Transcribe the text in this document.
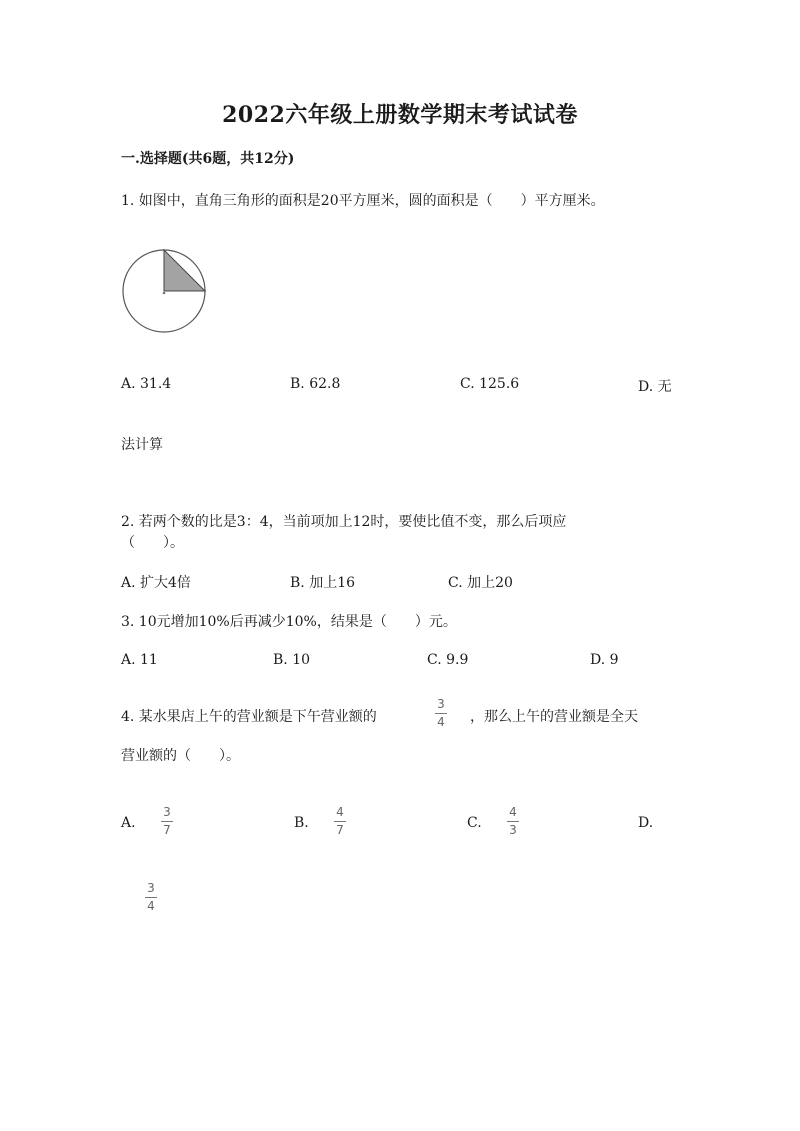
2022六年级上册数学期末考试试卷
一.选择题(共6题，共12分)
1. 如图中，直角三角形的面积是20平方厘米，圆的面积是（　　）平方厘米。
A. 31.4	B. 62.8	C. 125.6	D. 无
法计算
2. 若两个数的比是3：4，当前项加上12时，要使比值不变，那么后项应
（　　）。
A. 扩大4倍	B. 加上16	C. 加上20
3. 10元增加10%后再减少10%，结果是（　　）元。
A. 11	B. 10	C. 9.9	D. 9
4. 某水果店上午的营业额是下午营业额的
3
4 ，那么上午的营业额是全天
营业额的（　　）。
A.
3
7	B.
4
7	C.
4
3	D.
3
4
